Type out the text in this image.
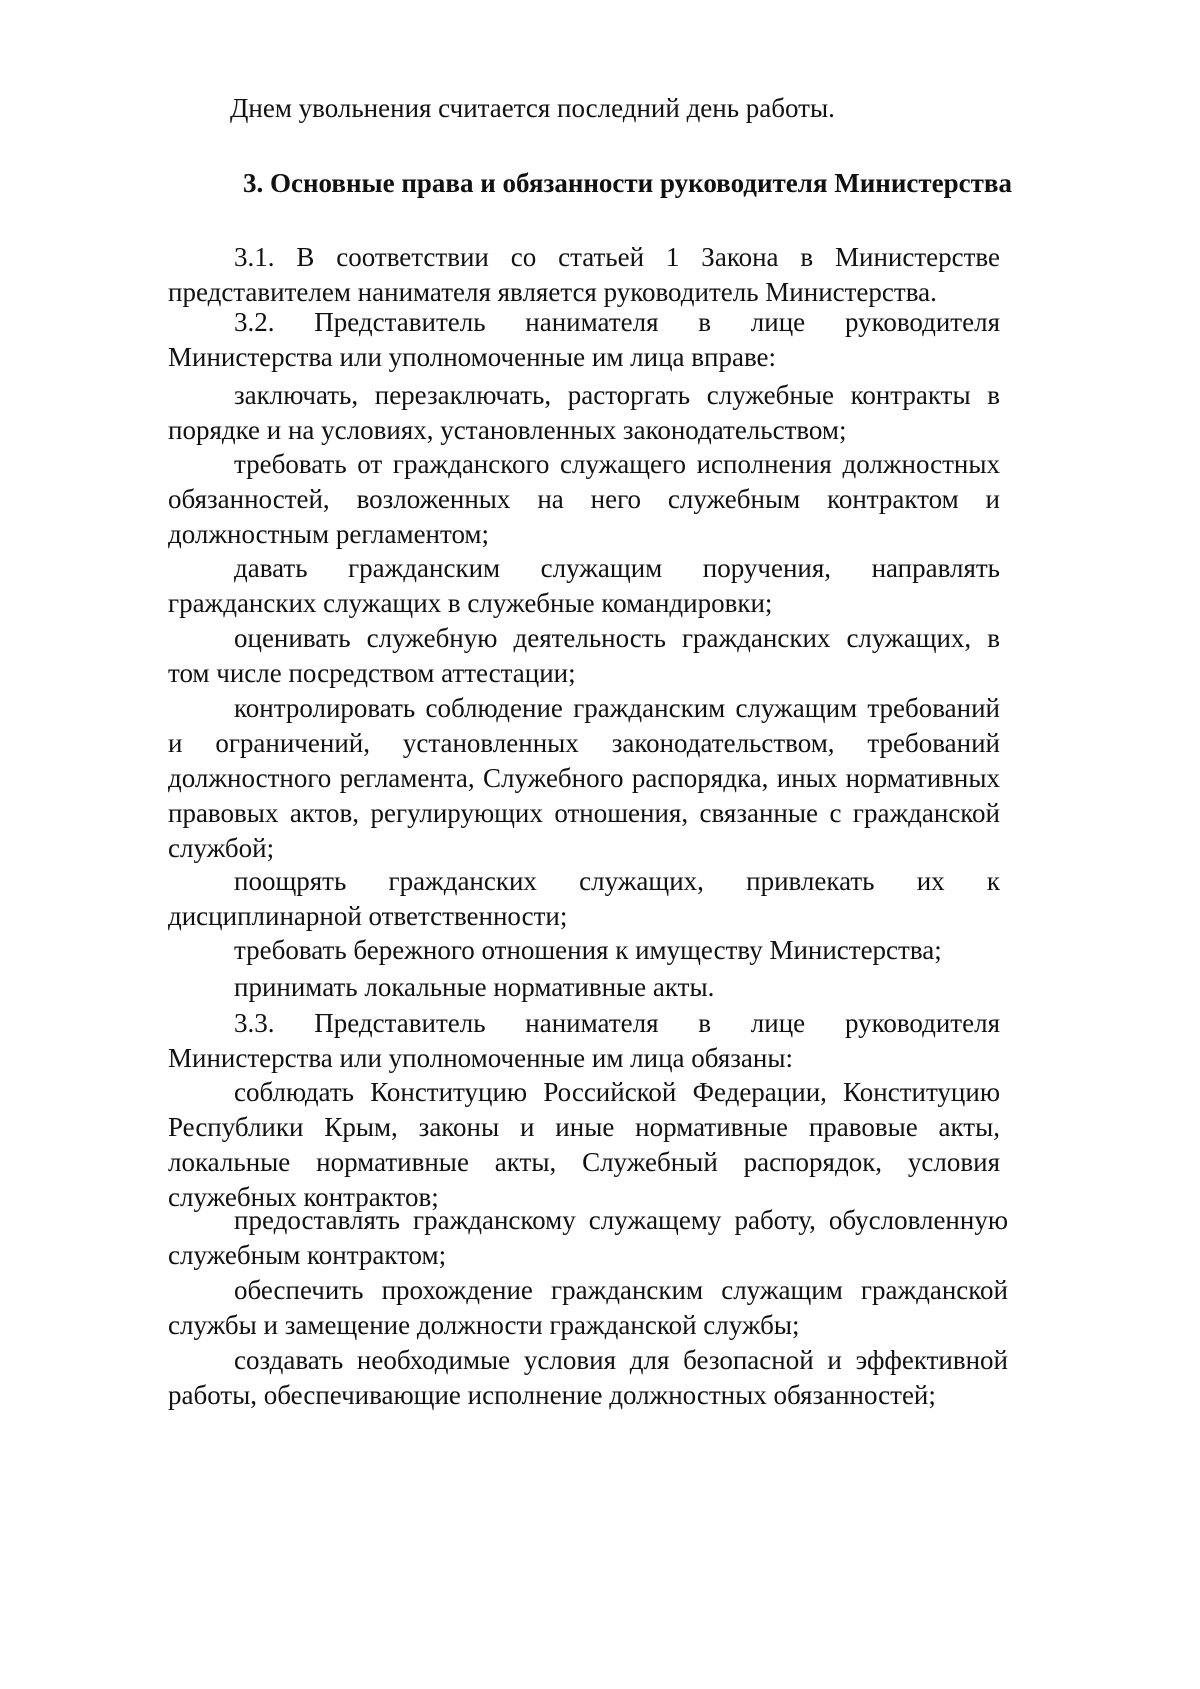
Днем увольнения считается последний день работы.

3. Основные права и обязанности руководителя Министерства

3.1. В соответствии со статьей 1 Закона в Министерстве представителем нанимателя является руководитель Министерства.

3.2. Представитель нанимателя в лице руководителя Министерства или уполномоченные им лица вправе:

заключать, перезаключать, расторгать служебные контракты в порядке и на условиях, установленных законодательством;

требовать от гражданского служащего исполнения должностных обязанностей, возложенных на него служебным контрактом и должностным регламентом;

давать гражданским служащим поручения, направлять гражданских служащих в служебные командировки;

оценивать служебную деятельность гражданских служащих, в том числе посредством аттестации;

контролировать соблюдение гражданским служащим требований и ограничений, установленных законодательством, требований должностного регламента, Служебного распорядка, иных нормативных правовых актов, регулирующих отношения, связанные с гражданской службой;

поощрять гражданских служащих, привлекать их к дисциплинарной ответственности;

требовать бережного отношения к имуществу Министерства;

принимать локальные нормативные акты.

3.3. Представитель нанимателя в лице руководителя Министерства или уполномоченные им лица обязаны:

соблюдать Конституцию Российской Федерации, Конституцию Республики Крым, законы и иные нормативные правовые акты, локальные нормативные акты, Служебный распорядок, условия служебных контрактов;

предоставлять гражданскому служащему работу, обусловленную служебным контрактом;

обеспечить прохождение гражданским служащим гражданской службы и замещение должности гражданской службы;

создавать необходимые условия для безопасной и эффективной работы, обеспечивающие исполнение должностных обязанностей;
